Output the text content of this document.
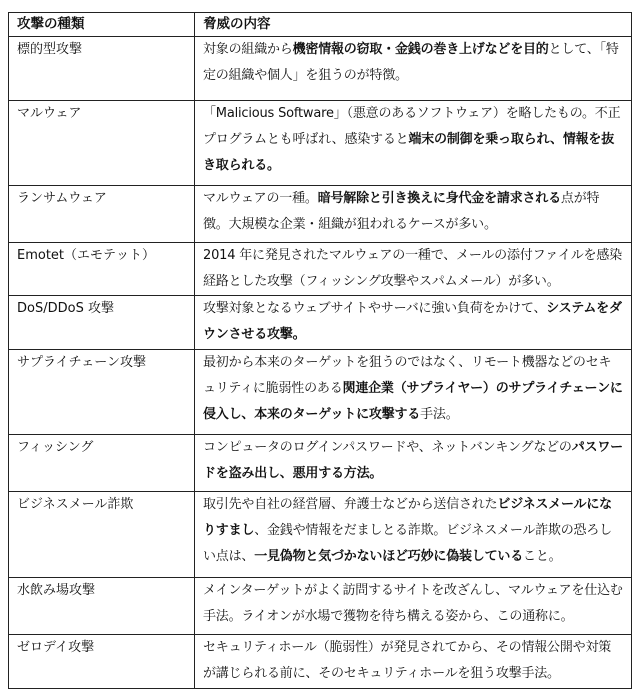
攻撃の種類	脅威の内容
標的型攻撃	対象の組織から機密情報の窃取・金銭の巻き上げなどを目的として、「特定の組織や個人」を狙うのが特徴。
マルウェア	「Malicious Software」（悪意のあるソフトウェア）を略したもの。不正プログラムとも呼ばれ、感染すると端末の制御を乗っ取られ、情報を抜き取られる。
ランサムウェア	マルウェアの一種。暗号解除と引き換えに身代金を請求される点が特徴。大規模な企業・組織が狙われるケースが多い。
Emotet（エモテット）	2014 年に発見されたマルウェアの一種で、メールの添付ファイルを感染経路とした攻撃（フィッシング攻撃やスパムメール）が多い。
DoS/DDoS 攻撃	攻撃対象となるウェブサイトやサーバに強い負荷をかけて、システムをダウンさせる攻撃。
サプライチェーン攻撃	最初から本来のターゲットを狙うのではなく、リモート機器などのセキュリティに脆弱性のある関連企業（サプライヤー）のサプライチェーンに侵入し、本来のターゲットに攻撃する手法。
フィッシング	コンピュータのログインパスワードや、ネットバンキングなどのパスワードを盗み出し、悪用する方法。
ビジネスメール詐欺	取引先や自社の経営層、弁護士などから送信されたビジネスメールになりすまし、金銭や情報をだましとる詐欺。ビジネスメール詐欺の恐ろしい点は、一見偽物と気づかないほど巧妙に偽装していること。
水飲み場攻撃	メインターゲットがよく訪問するサイトを改ざんし、マルウェアを仕込む手法。ライオンが水場で獲物を待ち構える姿から、この通称に。
ゼロデイ攻撃	セキュリティホール（脆弱性）が発見されてから、その情報公開や対策が講じられる前に、そのセキュリティホールを狙う攻撃手法。
